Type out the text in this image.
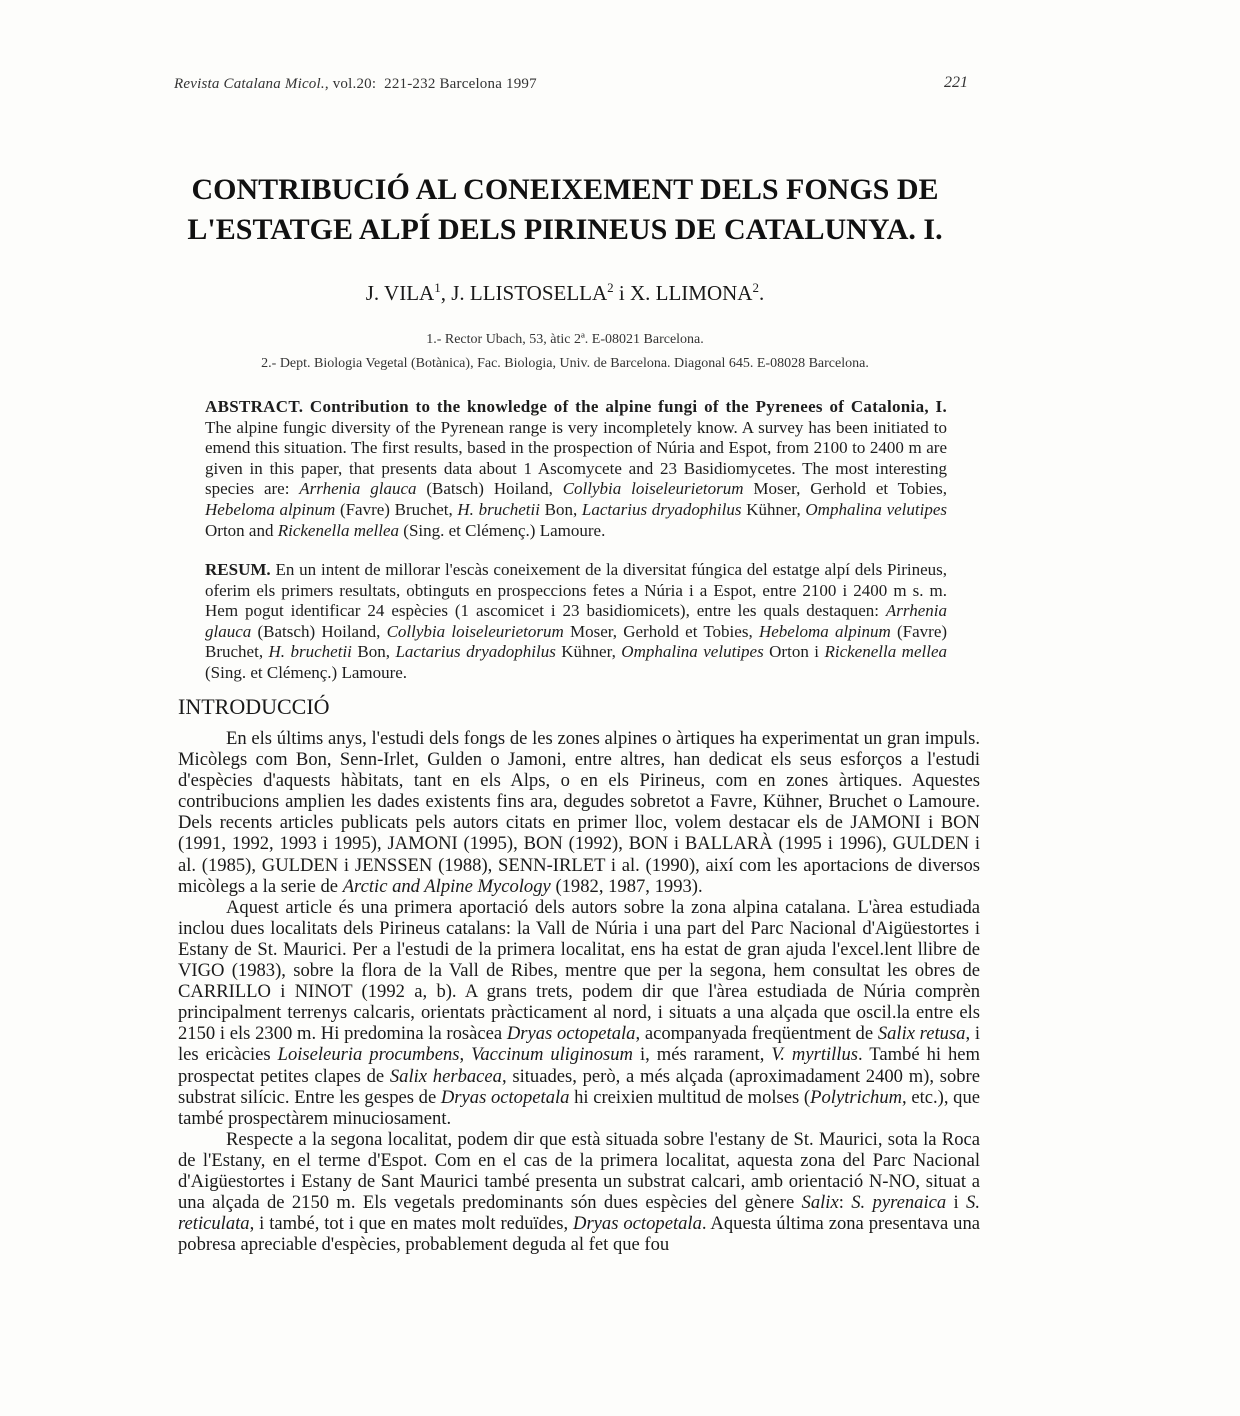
Revista Catalana Micol., vol.20: 221-232 Barcelona 1997	221
CONTRIBUCIÓ AL CONEIXEMENT DELS FONGS DE
L'ESTATGE ALPÍ DELS PIRINEUS DE CATALUNYA. I.

J. VILA$^1$, J. LLISTOSELLA$^2$ i X. LLIMONA$^2$.

1.- Rector Ubach, 53, àtic 2ª. E-08021 Barcelona.

2.- Dept. Biologia Vegetal (Botànica), Fac. Biologia, Univ. de Barcelona. Diagonal 645. E-08028 Barcelona.

ABSTRACT. Contribution to the knowledge of the alpine fungi of the Pyrenees of Catalonia, I. The alpine fungic diversity of the Pyrenean range is very incompletely know. A survey has been initiated to emend this situation. The first results, based in the prospection of Núria and Espot, from 2100 to 2400 m are given in this paper, that presents data about 1 Ascomycete and 23 Basidiomycetes. The most interesting species are: Arrhenia glauca (Batsch) Hoiland, Collybia loiseleurietorum Moser, Gerhold et Tobies, Hebeloma alpinum (Favre) Bruchet, H. bruchetii Bon, Lactarius dryadophilus Kühner, Omphalina velutipes Orton and Rickenella mellea (Sing. et Clémenç.) Lamoure.

RESUM. En un intent de millorar l'escàs coneixement de la diversitat fúngica del estatge alpí dels Pirineus, oferim els primers resultats, obtinguts en prospeccions fetes a Núria i a Espot, entre 2100 i 2400 m s. m. Hem pogut identificar 24 espècies (1 ascomicet i 23 basidiomicets), entre les quals destaquen: Arrhenia glauca (Batsch) Hoiland, Collybia loiseleurietorum Moser, Gerhold et Tobies, Hebeloma alpinum (Favre) Bruchet, H. bruchetii Bon, Lactarius dryadophilus Kühner, Omphalina velutipes Orton i Rickenella mellea (Sing. et Clémenç.) Lamoure.

INTRODUCCIÓ

En els últims anys, l'estudi dels fongs de les zones alpines o àrtiques ha experimentat un gran impuls. Micòlegs com Bon, Senn-Irlet, Gulden o Jamoni, entre altres, han dedicat els seus esforços a l'estudi d'espècies d'aquests hàbitats, tant en els Alps, o en els Pirineus, com en zones àrtiques. Aquestes contribucions amplien les dades existents fins ara, degudes sobretot a Favre, Kühner, Bruchet o Lamoure. Dels recents articles publicats pels autors citats en primer lloc, volem destacar els de JAMONI i BON (1991, 1992, 1993 i 1995), JAMONI (1995), BON (1992), BON i BALLARÀ (1995 i 1996), GULDEN i al. (1985), GULDEN i JENSSEN (1988), SENN-IRLET i al. (1990), així com les aportacions de diversos micòlegs a la serie de Arctic and Alpine Mycology (1982, 1987, 1993).

Aquest article és una primera aportació dels autors sobre la zona alpina catalana. L'àrea estudiada inclou dues localitats dels Pirineus catalans: la Vall de Núria i una part del Parc Nacional d'Aigüestortes i Estany de St. Maurici. Per a l'estudi de la primera localitat, ens ha estat de gran ajuda l'excel.lent llibre de VIGO (1983), sobre la flora de la Vall de Ribes, mentre que per la segona, hem consultat les obres de CARRILLO i NINOT (1992 a, b). A grans trets, podem dir que l'àrea estudiada de Núria comprèn principalment terrenys calcaris, orientats pràcticament al nord, i situats a una alçada que oscil.la entre els 2150 i els 2300 m. Hi predomina la rosàcea Dryas octopetala, acompanyada freqüentment de Salix retusa, i les ericàcies Loiseleuria procumbens, Vaccinum uliginosum i, més rarament, V. myrtillus. També hi hem prospectat petites clapes de Salix herbacea, situades, però, a més alçada (aproximadament 2400 m), sobre substrat silícic. Entre les gespes de Dryas octopetala hi creixien multitud de molses (Polytrichum, etc.), que també prospectàrem minuciosament.

Respecte a la segona localitat, podem dir que està situada sobre l'estany de St. Maurici, sota la Roca de l'Estany, en el terme d'Espot. Com en el cas de la primera localitat, aquesta zona del Parc Nacional d'Aigüestortes i Estany de Sant Maurici també presenta un substrat calcari, amb orientació N-NO, situat a una alçada de 2150 m. Els vegetals predominants són dues espècies del gènere Salix: S. pyrenaica i S. reticulata, i també, tot i que en mates molt reduïdes, Dryas octopetala. Aquesta última zona presentava una pobresa apreciable d'espècies, probablement deguda al fet que fou
